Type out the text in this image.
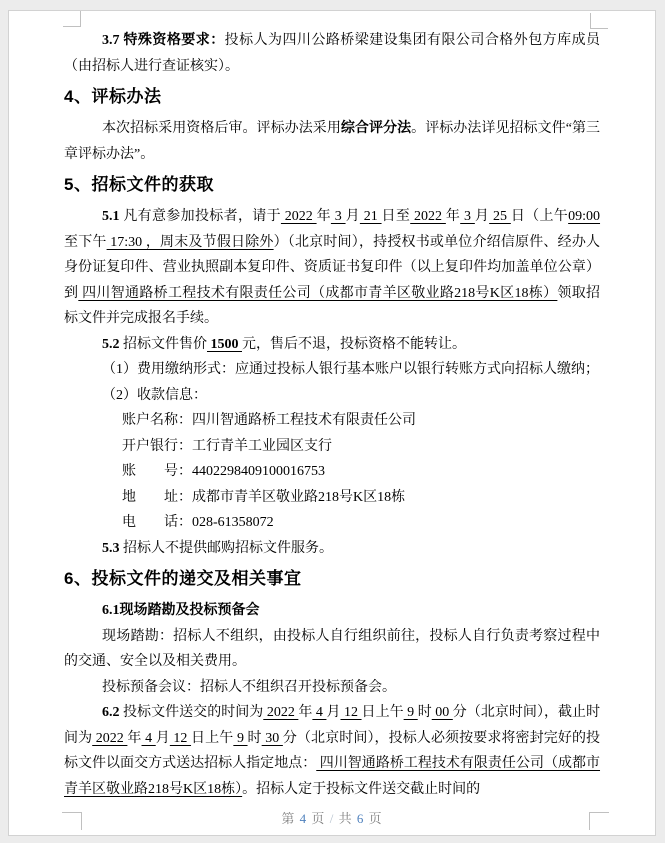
3.7 特殊资格要求：投标人为四川公路桥梁建设集团有限公司合格外包方库成员（由招标人进行查证核实）。

4、评标办法

本次招标采用资格后审。评标办法采用综合评分法。评标办法详见招标文件“第三章评标办法”。

5、招标文件的获取

5.1 凡有意参加投标者，请于 2022 年 3 月 21 日至 2022 年 3 月 25 日（上午09:00 至下午 17:30 ，周末及节假日除外）（北京时间），持授权书或单位介绍信原件、经办人身份证复印件、营业执照副本复印件、资质证书复印件（以上复印件均加盖单位公章）到 四川智通路桥工程技术有限责任公司（成都市青羊区敬业路218号K区18栋）领取招标文件并完成报名手续。

5.2 招标文件售价 1500 元，售后不退，投标资格不能转让。

（1）费用缴纳形式：应通过投标人银行基本账户以银行转账方式向招标人缴纳；

（2）收款信息：

账户名称：四川智通路桥工程技术有限责任公司

开户银行：工行青羊工业园区支行

账　　号：4402298409100016753

地　　址：成都市青羊区敬业路218号K区18栋

电　　话：028-61358072

5.3 招标人不提供邮购招标文件服务。

6、投标文件的递交及相关事宜

6.1现场踏勘及投标预备会

现场踏勘：招标人不组织，由投标人自行组织前往，投标人自行负责考察过程中的交通、安全以及相关费用。

投标预备会议：招标人不组织召开投标预备会。

6.2 投标文件送交的时间为 2022 年 4 月 12 日上午 9 时 00 分（北京时间），截止时间为 2022 年 4 月 12 日上午 9 时 30 分（北京时间），投标人必须按要求将密封完好的投标文件以面交方式送达招标人指定地点： 四川智通路桥工程技术有限责任公司（成都市青羊区敬业路218号K区18栋）。招标人定于投标文件送交截止时间的

第 4 页 / 共 6 页
